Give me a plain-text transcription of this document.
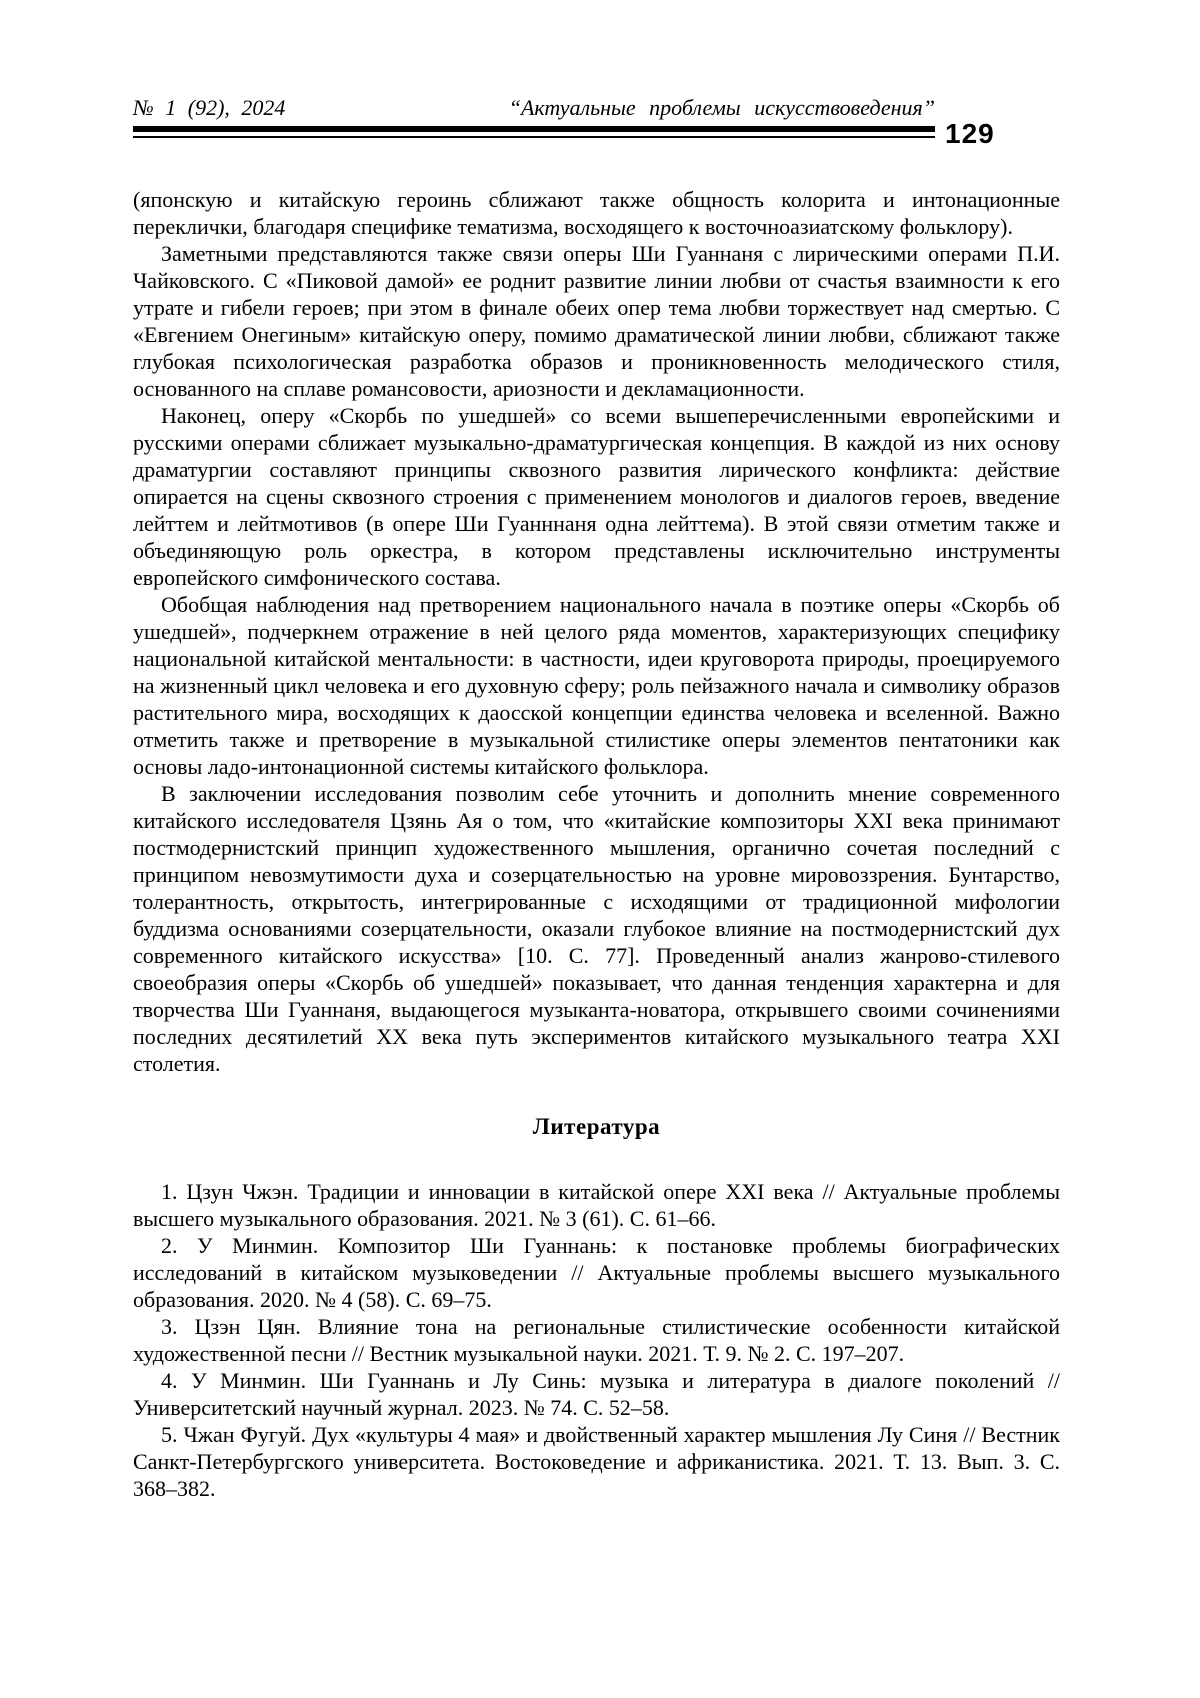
№ 1 (92), 2024	“Актуальные проблемы искусствоведения”
129

(японскую и китайскую героинь сближают также общность колорита и интонационные переклички, благодаря специфике тематизма, восходящего к восточноазиатскому фольклору).

Заметными представляются также связи оперы Ши Гуаннаня с лирическими операми П.И. Чайковского. С «Пиковой дамой» ее роднит развитие линии любви от счастья взаимности к его утрате и гибели героев; при этом в финале обеих опер тема любви торжествует над смертью. С «Евгением Онегиным» китайскую оперу, помимо драматической линии любви, сближают также глубокая психологическая разработка образов и проникновенность мелодического стиля, основанного на сплаве романсовости, ариозности и декламационности.

Наконец, оперу «Скорбь по ушедшей» со всеми вышеперечисленными европейскими и русскими операми сближает музыкально-драматургическая концепция. В каждой из них основу драматургии составляют принципы сквозного развития лирического конфликта: действие опирается на сцены сквозного строения с применением монологов и диалогов героев, введение лейттем и лейтмотивов (в опере Ши Гуанннаня одна лейттема). В этой связи отметим также и объединяющую роль оркестра, в котором представлены исключительно инструменты европейского симфонического состава.

Обобщая наблюдения над претворением национального начала в поэтике оперы «Скорбь об ушедшей», подчеркнем отражение в ней целого ряда моментов, характеризующих специфику национальной китайской ментальности: в частности, идеи круговорота природы, проецируемого на жизненный цикл человека и его духовную сферу; роль пейзажного начала и символику образов растительного мира, восходящих к даосской концепции единства человека и вселенной. Важно отметить также и претворение в музыкальной стилистике оперы элементов пентатоники как основы ладо-интонационной системы китайского фольклора.

В заключении исследования позволим себе уточнить и дополнить мнение современного китайского исследователя Цзянь Ая о том, что «китайские композиторы XXI века принимают постмодернистский принцип художественного мышления, органично сочетая последний с принципом невозмутимости духа и созерцательностью на уровне мировоззрения. Бунтарство, толерантность, открытость, интегрированные с исходящими от традиционной мифологии буддизма основаниями созерцательности, оказали глубокое влияние на постмодернистский дух современного китайского искусства» [10. С. 77]. Проведенный анализ жанрово-стилевого своеобразия оперы «Скорбь об ушедшей» показывает, что данная тенденция характерна и для творчества Ши Гуаннаня, выдающегося музыканта-новатора, открывшего своими сочинениями последних десятилетий XX века путь экспериментов китайского музыкального театра XXI столетия.

Литература

1. Цзун Чжэн. Традиции и инновации в китайской опере XXI века // Актуальные проблемы высшего музыкального образования. 2021. № 3 (61). С. 61–66.

2. У Минмин. Композитор Ши Гуаннань: к постановке проблемы биографических исследований в китайском музыковедении // Актуальные проблемы высшего музыкального образования. 2020. № 4 (58). С. 69–75.

3. Цзэн Цян. Влияние тона на региональные стилистические особенности китайской художественной песни // Вестник музыкальной науки. 2021. Т. 9. № 2. С. 197–207.

4. У Минмин. Ши Гуаннань и Лу Синь: музыка и литература в диалоге поколений // Университетский научный журнал. 2023. № 74. С. 52–58.

5. Чжан Фугуй. Дух «культуры 4 мая» и двойственный характер мышления Лу Синя // Вестник Санкт-Петербургского университета. Востоковедение и африканистика. 2021. Т. 13. Вып. 3. С. 368–382.
